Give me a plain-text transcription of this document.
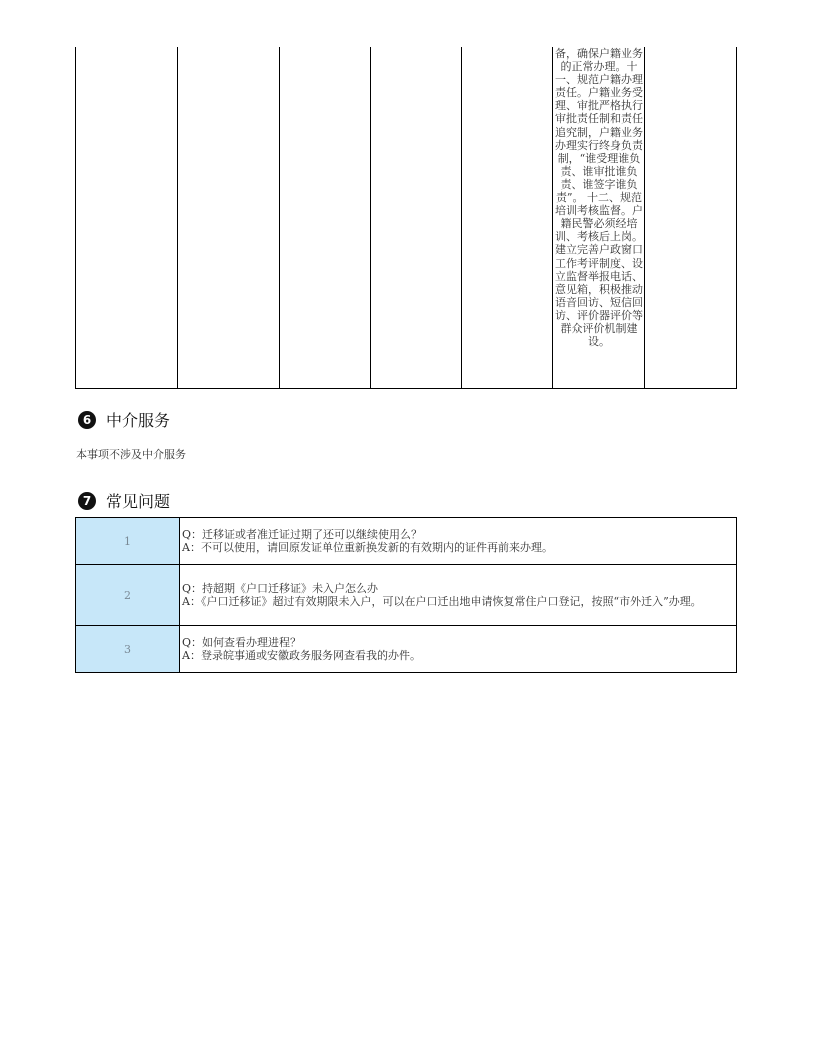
备，确保户籍业务的正常办理。十一、规范户籍办理责任。户籍业务受理、审批严格执行审批责任制和责任追究制，户籍业务办理实行终身负责制，“谁受理谁负责、谁审批谁负责、谁签字谁负责”。 十二、规范培训考核监督。户籍民警必须经培训、考核后上岗。建立完善户政窗口工作考评制度、设立监督举报电话、意见箱，积极推动语音回访、短信回访、评价器评价等群众评价机制建设。
6 中介服务
本事项不涉及中介服务
7 常见问题
1	Q：迁移证或者准迁证过期了还可以继续使用么？
A：不可以使用，请回原发证单位重新换发新的有效期内的证件再前来办理。

2	Q：持超期《户口迁移证》未入户怎么办
A：《户口迁移证》超过有效期限未入户，可以在户口迁出地申请恢复常住户口登记，按照“市外迁入”办理。

3	Q：如何查看办理进程？
A：登录皖事通或安徽政务服务网查看我的办件。
